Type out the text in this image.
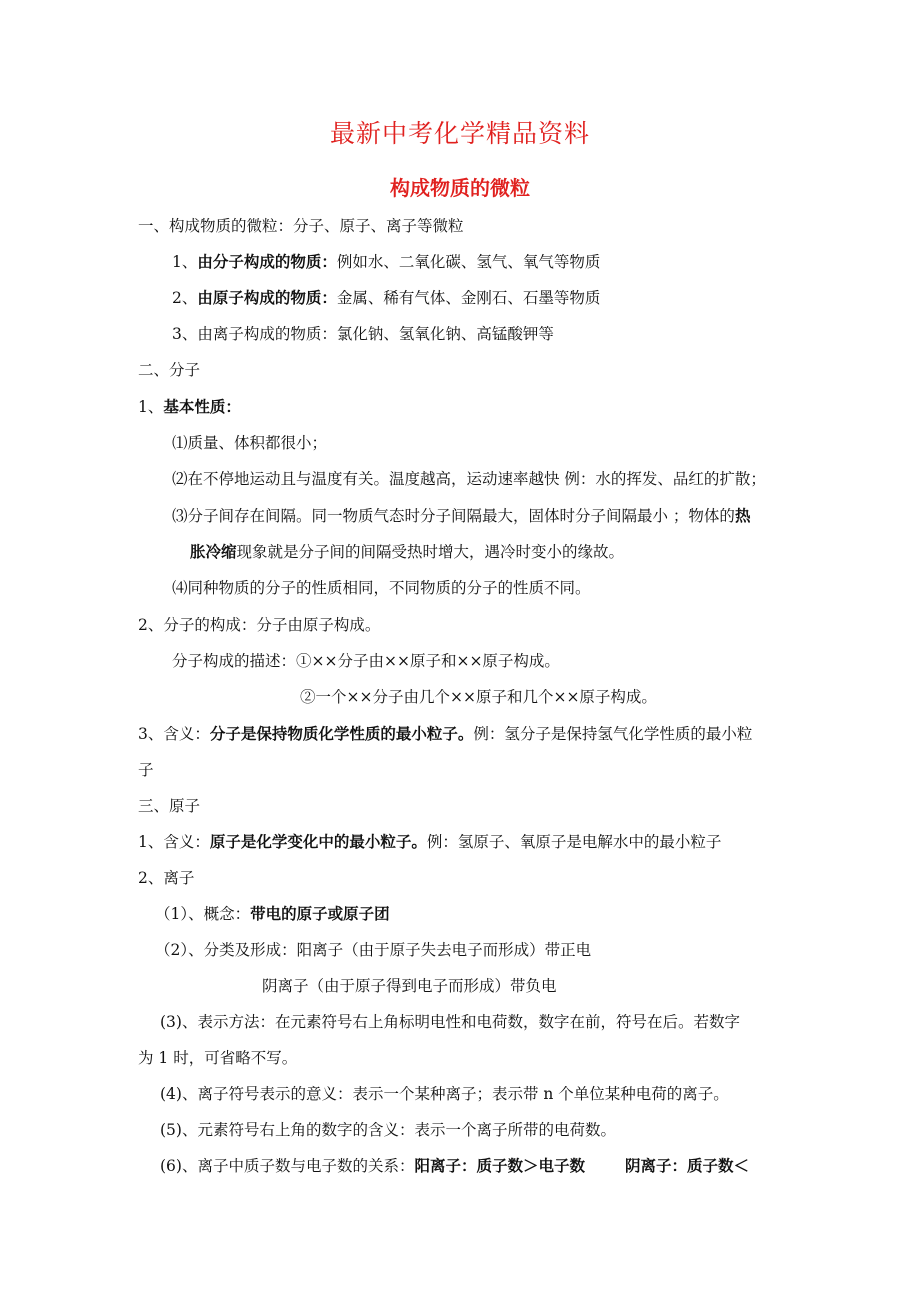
最新中考化学精品资料
构成物质的微粒
一、构成物质的微粒：分子、原子、离子等微粒
1、由分子构成的物质：例如水、二氧化碳、氢气、氧气等物质
2、由原子构成的物质：金属、稀有气体、金刚石、石墨等物质
3、由离子构成的物质：氯化钠、氢氧化钠、高锰酸钾等
二、分子
1、基本性质：
⑴质量、体积都很小；
⑵在不停地运动且与温度有关。温度越高，运动速率越快 例：水的挥发、品红的扩散；
⑶分子间存在间隔。同一物质气态时分子间隔最大，固体时分子间隔最小 ；物体的热
胀冷缩现象就是分子间的间隔受热时增大，遇冷时变小的缘故。
⑷同种物质的分子的性质相同，不同物质的分子的性质不同。
2、分子的构成：分子由原子构成。
分子构成的描述：①××分子由××原子和××原子构成。
②一个××分子由几个××原子和几个××原子构成。
3、含义：分子是保持物质化学性质的最小粒子。例：氢分子是保持氢气化学性质的最小粒
子
三、原子
1、含义：原子是化学变化中的最小粒子。例：氢原子、氧原子是电解水中的最小粒子
2、离子
（1）、概念：带电的原子或原子团
（2）、分类及形成：阳离子（由于原子失去电子而形成）带正电
阴离子（由于原子得到电子而形成）带负电
(3)、表示方法：在元素符号右上角标明电性和电荷数，数字在前，符号在后。若数字
为 1 时，可省略不写。
(4)、离子符号表示的意义：表示一个某种离子；表示带 n 个单位某种电荷的离子。
(5)、元素符号右上角的数字的含义：表示一个离子所带的电荷数。
(6)、离子中质子数与电子数的关系：阳离子：质子数＞电子数	阴离子：质子数＜
